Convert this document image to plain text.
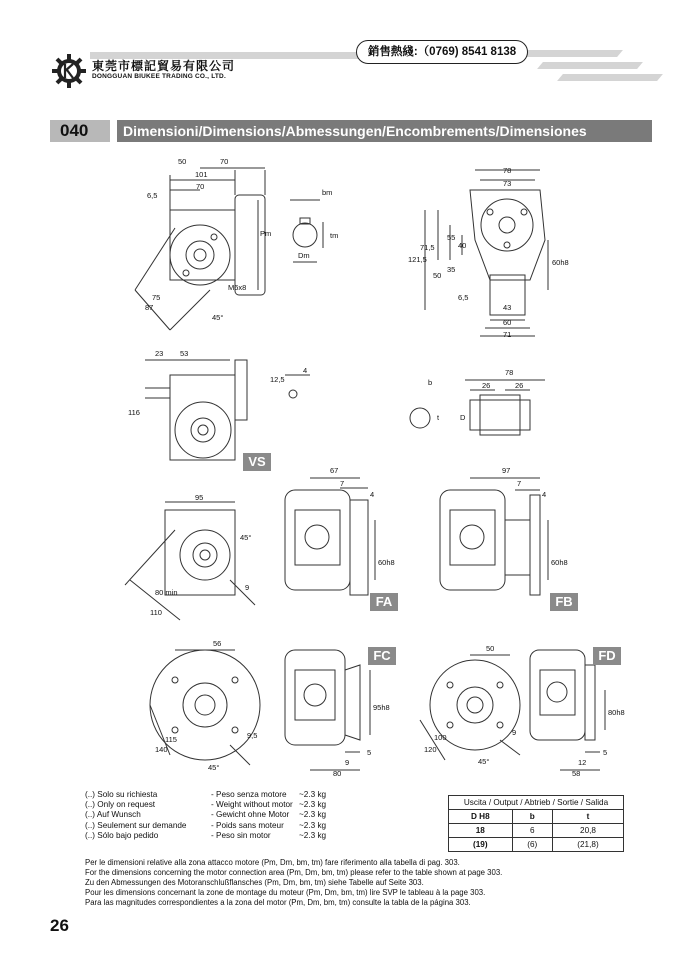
東莞市標記貿易有限公司
DONGGUAN BIUKEE TRADING CO., LTD.
銷售熱綫:（0769) 8541 8138
040	Dimensioni/Dimensions/Abmessungen/Encombrements/Dimensiones
50	70
101
70
6,5
Pm
M6x8
75
87
45°
bm
tm
Dm
78
73
121,5
71,5
55
40
50
35
60h8
6,5
43
60
71
23 53
116
12,5
4
b
t	D
78
26	26
95
45°
80 min
110
9
67
7
4
60h8
97
7
4
60h8
56
115
140
9,5
45°
95h8
9
5
80
50
100
120
9
45°
80h8
12
5
58
VS
FA	FB
FC	FD
(..) Solo su richiesta	- Peso senza motore	~2.3 kg
(..) Only on request	- Weight without motor ~2.3 kg
(..) Auf Wunsch	- Gewicht ohne Motor	~2.3 kg
(..) Seulement sur demande	- Poids sans moteur	~2.3 kg
(..) Sólo bajo pedido	- Peso sin motor	~2.3 kg
Uscita / Output / Abtrieb / Sortie / Salida		
D H8	b	t
18	6	20,8
(19)	(6)	(21,8)
Per le dimensioni relative alla zona attacco motore (Pm, Dm, bm, tm) fare riferimento alla tabella di pag. 303.
For the dimensions concerning the motor connection area (Pm, Dm, bm, tm) please refer to the table shown at page 303.
Zu den Abmessungen des Motoranschlußflansches (Pm, Dm, bm, tm) siehe Tabelle auf Seite 303.
Pour les dimensions concernant la zone de montage du moteur (Pm, Dm, bm, tm) lire SVP le tableau à la page 303.
Para las magnitudes correspondientes a la zona del motor (Pm, Dm, bm, tm) consulte la tabla de la página 303.
26
